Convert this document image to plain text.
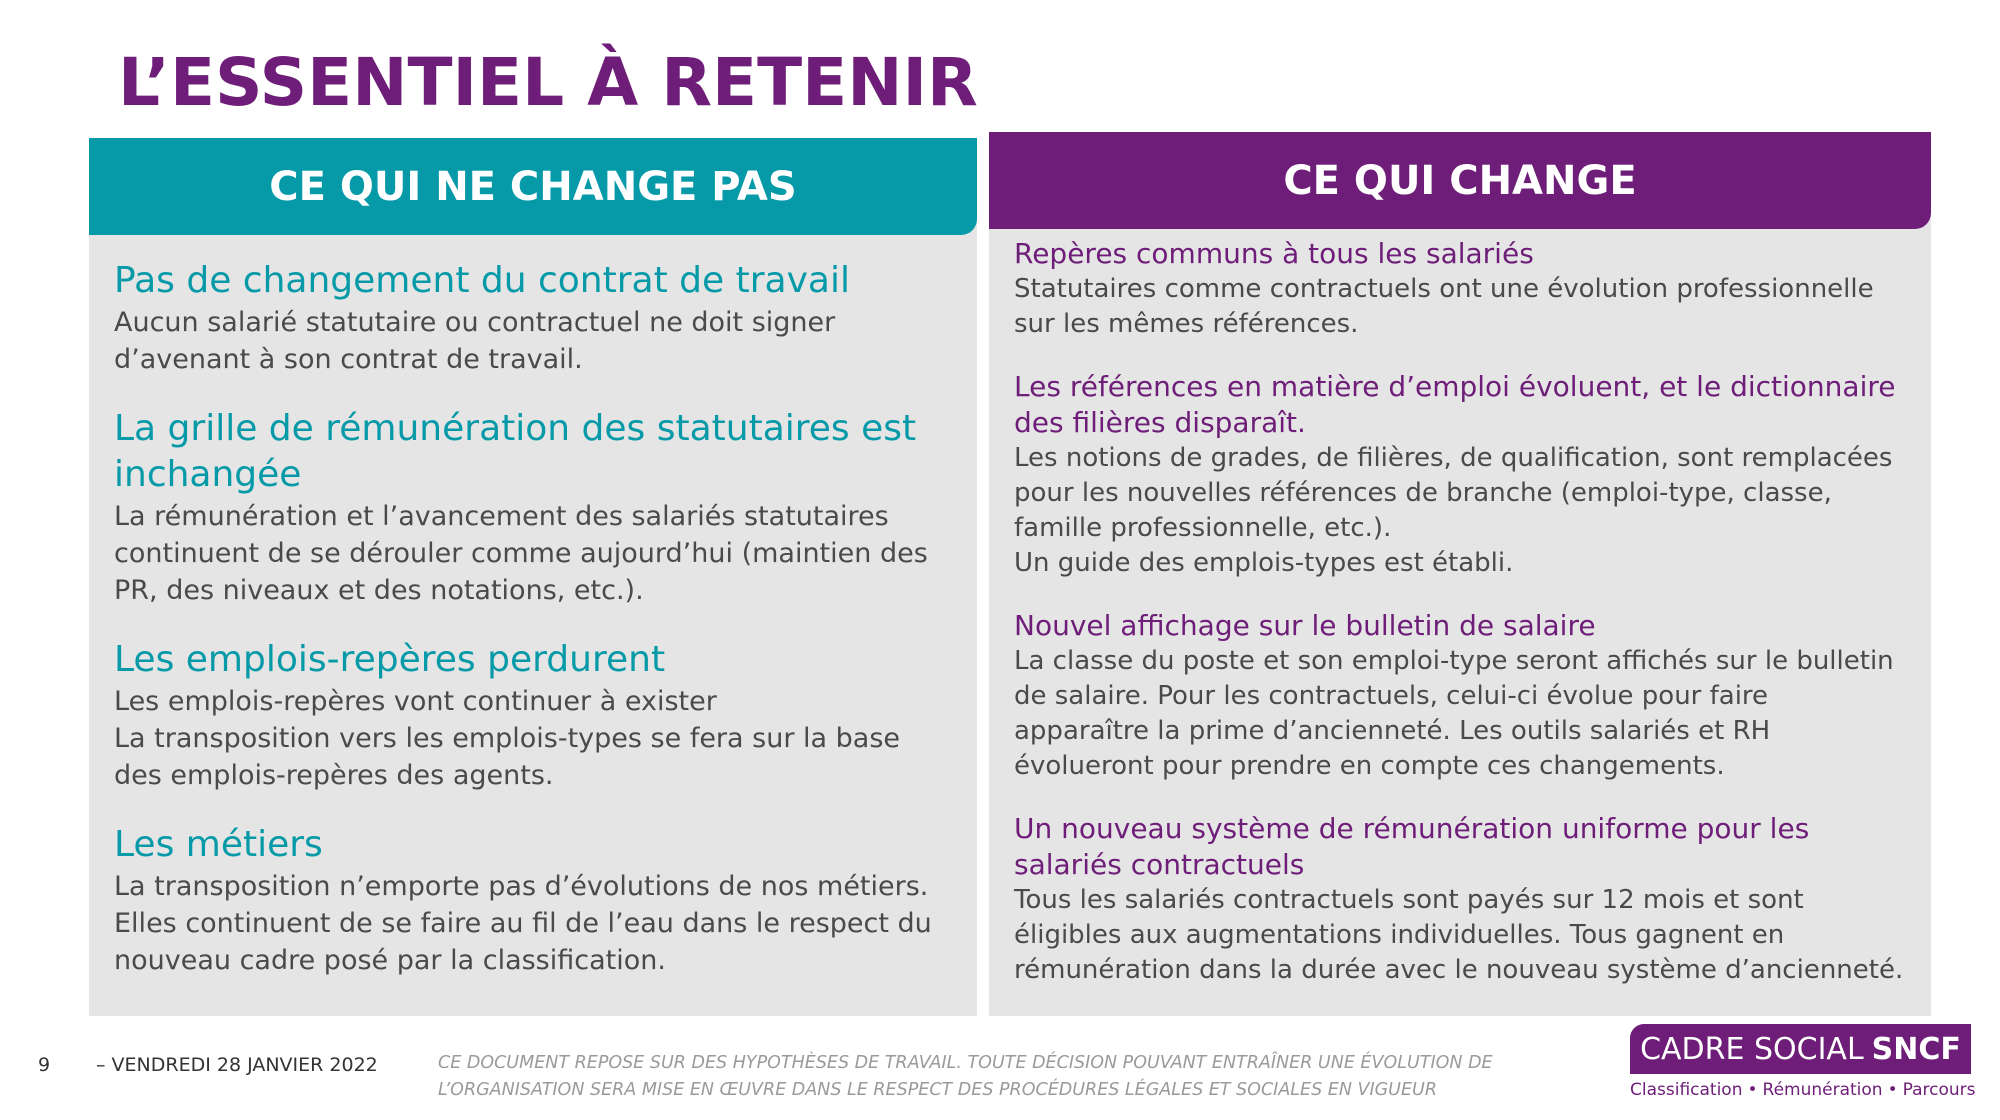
L’ESSENTIEL À RETENIR
CE QUI NE CHANGE PAS
Pas de changement du contrat de travail

Aucun salarié statutaire ou contractuel ne doit signer d’avenant à son contrat de travail.

La grille de rémunération des statutaires est inchangée

La rémunération et l’avancement des salariés statutaires continuent de se dérouler comme aujourd’hui (maintien des PR, des niveaux et des notations, etc.).

Les emplois-repères perdurent

Les emplois-repères vont continuer à exister

La transposition vers les emplois-types se fera sur la base des emplois-repères des agents.

Les métiers

La transposition n’emporte pas d’évolutions de nos métiers. Elles continuent de se faire au fil de l’eau dans le respect du nouveau cadre posé par la classification.

CE QUI CHANGE
Repères communs à tous les salariés

Statutaires comme contractuels ont une évolution professionnelle sur les mêmes références.

Les références en matière d’emploi évoluent, et le dictionnaire des filières disparaît.

Les notions de grades, de filières, de qualification, sont remplacées pour les nouvelles références de branche (emploi-type, classe, famille professionnelle, etc.).

Un guide des emplois-types est établi.

Nouvel affichage sur le bulletin de salaire

La classe du poste et son emploi-type seront affichés sur le bulletin de salaire. Pour les contractuels, celui-ci évolue pour faire apparaître la prime d’ancienneté. Les outils salariés et RH évolueront pour prendre en compte ces changements.

Un nouveau système de rémunération uniforme pour les salariés contractuels

Tous les salariés contractuels sont payés sur 12 mois et sont éligibles aux augmentations individuelles. Tous gagnent en rémunération dans la durée avec le nouveau système d’ancienneté.

9 – VENDREDI 28 JANVIER 2022	CE DOCUMENT REPOSE SUR DES HYPOTHÈSES DE TRAVAIL. TOUTE DÉCISION POUVANT ENTRAÎNER UNE ÉVOLUTION DE L’ORGANISATION SERA MISE EN ŒUVRE DANS LE RESPECT DES PROCÉDURES LÉGALES ET SOCIALES EN VIGUEUR
CADRE SOCIAL SNCF
Classification • Rémunération • Parcours
